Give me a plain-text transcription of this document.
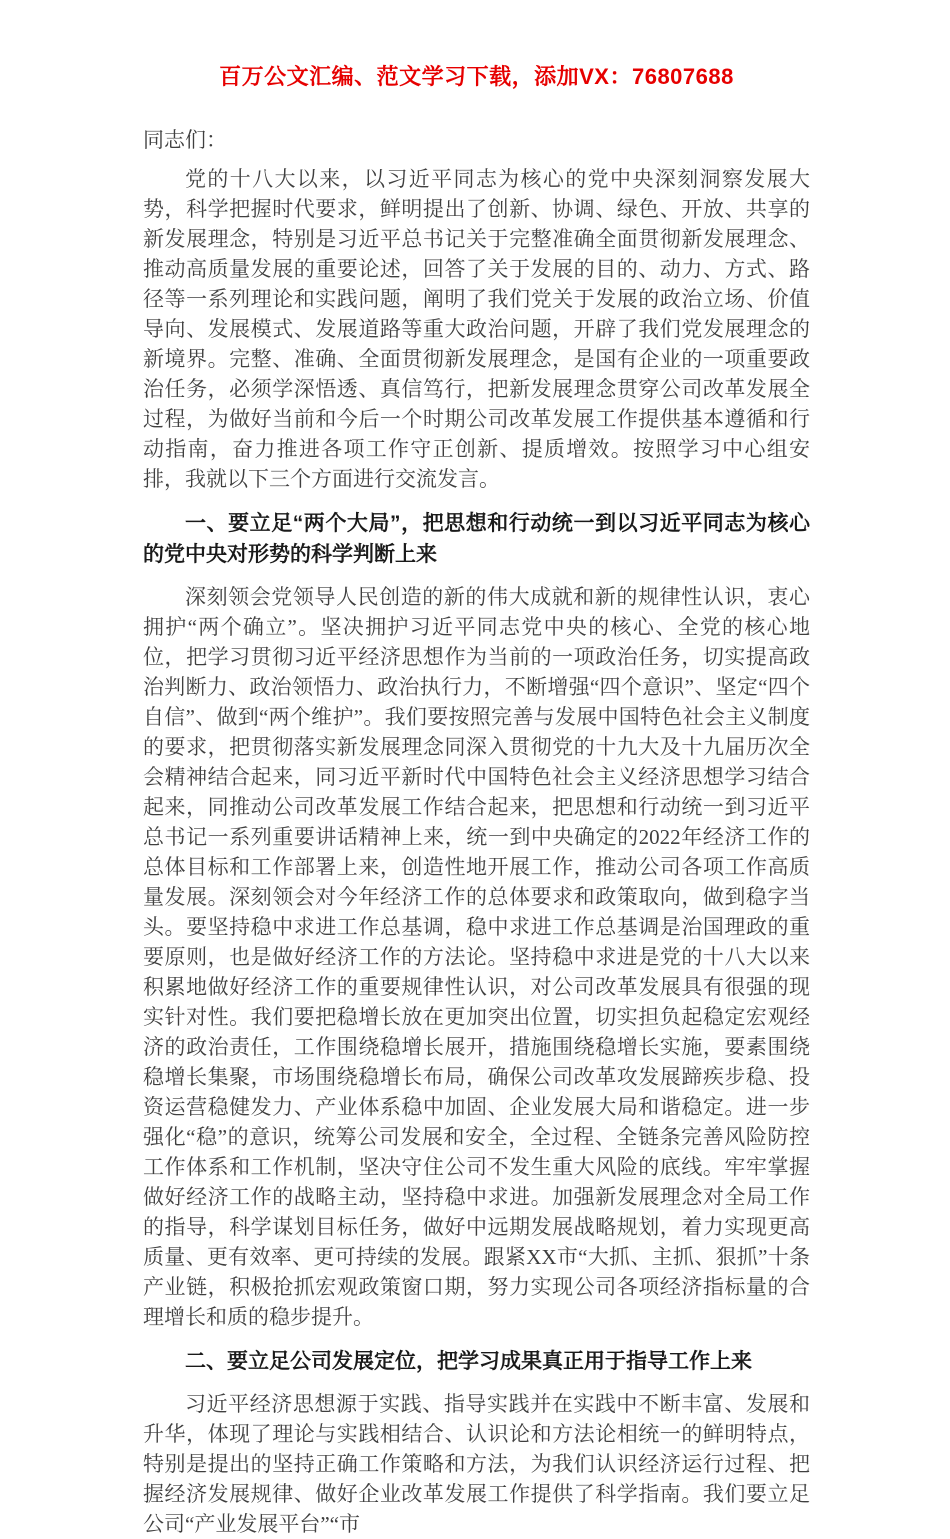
百万公文汇编、范文学习下载，添加VX：76807688

同志们：

党的十八大以来，以习近平同志为核心的党中央深刻洞察发展大势，科学把握时代要求，鲜明提出了创新、协调、绿色、开放、共享的新发展理念，特别是习近平总书记关于完整准确全面贯彻新发展理念、推动高质量发展的重要论述，回答了关于发展的目的、动力、方式、路径等一系列理论和实践问题，阐明了我们党关于发展的政治立场、价值导向、发展模式、发展道路等重大政治问题，开辟了我们党发展理念的新境界。完整、准确、全面贯彻新发展理念，是国有企业的一项重要政治任务，必须学深悟透、真信笃行，把新发展理念贯穿公司改革发展全过程，为做好当前和今后一个时期公司改革发展工作提供基本遵循和行动指南，奋力推进各项工作守正创新、提质增效。按照学习中心组安排，我就以下三个方面进行交流发言。

一、要立足“两个大局”，把思想和行动统一到以习近平同志为核心的党中央对形势的科学判断上来

深刻领会党领导人民创造的新的伟大成就和新的规律性认识，衷心拥护“两个确立”。坚决拥护习近平同志党中央的核心、全党的核心地位，把学习贯彻习近平经济思想作为当前的一项政治任务，切实提高政治判断力、政治领悟力、政治执行力，不断增强“四个意识”、坚定“四个自信”、做到“两个维护”。我们要按照完善与发展中国特色社会主义制度的要求，把贯彻落实新发展理念同深入贯彻党的十九大及十九届历次全会精神结合起来，同习近平新时代中国特色社会主义经济思想学习结合起来，同推动公司改革发展工作结合起来，把思想和行动统一到习近平总书记一系列重要讲话精神上来，统一到中央确定的2022年经济工作的总体目标和工作部署上来，创造性地开展工作，推动公司各项工作高质量发展。深刻领会对今年经济工作的总体要求和政策取向，做到稳字当头。要坚持稳中求进工作总基调，稳中求进工作总基调是治国理政的重要原则，也是做好经济工作的方法论。坚持稳中求进是党的十八大以来积累地做好经济工作的重要规律性认识，对公司改革发展具有很强的现实针对性。我们要把稳增长放在更加突出位置，切实担负起稳定宏观经济的政治责任，工作围绕稳增长展开，措施围绕稳增长实施，要素围绕稳增长集聚，市场围绕稳增长布局，确保公司改革攻发展蹄疾步稳、投资运营稳健发力、产业体系稳中加固、企业发展大局和谐稳定。进一步强化“稳”的意识，统筹公司发展和安全，全过程、全链条完善风险防控工作体系和工作机制，坚决守住公司不发生重大风险的底线。牢牢掌握做好经济工作的战略主动，坚持稳中求进。加强新发展理念对全局工作的指导，科学谋划目标任务，做好中远期发展战略规划，着力实现更高质量、更有效率、更可持续的发展。跟紧XX市“大抓、主抓、狠抓”十条产业链，积极抢抓宏观政策窗口期，努力实现公司各项经济指标量的合理增长和质的稳步提升。

二、要立足公司发展定位，把学习成果真正用于指导工作上来

习近平经济思想源于实践、指导实践并在实践中不断丰富、发展和升华，体现了理论与实践相结合、认识论和方法论相统一的鲜明特点，特别是提出的坚持正确工作策略和方法，为我们认识经济运行过程、把握经济发展规律、做好企业改革发展工作提供了科学指南。我们要立足公司“产业发展平台”“市
